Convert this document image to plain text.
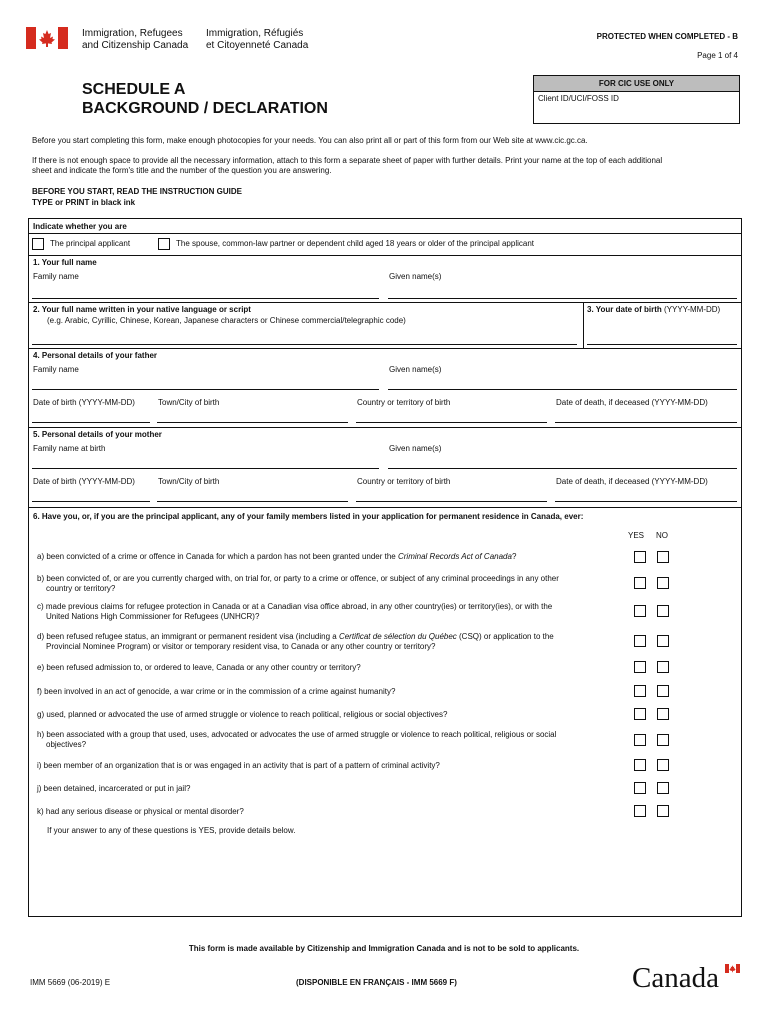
Immigration, Refugees
and Citizenship Canada
Immigration, Réfugiés
et Citoyenneté Canada
PROTECTED WHEN COMPLETED - B
Page 1 of 4
SCHEDULE A
BACKGROUND / DECLARATION
FOR CIC USE ONLY
Client ID/UCI/FOSS ID
Before you start completing this form, make enough photocopies for your needs. You can also print all or part of this form from our Web site at www.cic.gc.ca.
If there is not enough space to provide all the necessary information, attach to this form a separate sheet of paper with further details. Print your name at the top of each additional
sheet and indicate the form's title and the number of the question you are answering.
BEFORE YOU START, READ THE INSTRUCTION GUIDE
TYPE or PRINT in black ink
Indicate whether you are
The principal applicant	The spouse, common-law partner or dependent child aged 18 years or older of the principal applicant
1. Your full name
Family name	Given name(s)
2. Your full name written in your native language or script
(e.g. Arabic, Cyrillic, Chinese, Korean, Japanese characters or Chinese commercial/telegraphic code)
3. Your date of birth (YYYY-MM-DD)
4. Personal details of your father
Family name	Given name(s)
Date of birth (YYYY-MM-DD)	Town/City of birth	Country or territory of birth	Date of death, if deceased (YYYY-MM-DD)
5. Personal details of your mother
Family name at birth	Given name(s)
Date of birth (YYYY-MM-DD)	Town/City of birth	Country or territory of birth	Date of death, if deceased (YYYY-MM-DD)
6. Have you, or, if you are the principal applicant, any of your family members listed in your application for permanent residence in Canada, ever:
YES NO
a) been convicted of a crime or offence in Canada for which a pardon has not been granted under the Criminal Records Act of Canada?
b) been convicted of, or are you currently charged with, on trial for, or party to a crime or offence, or subject of any criminal proceedings in any other
country or territory?
c) made previous claims for refugee protection in Canada or at a Canadian visa office abroad, in any other country(ies) or territory(ies), or with the
United Nations High Commissioner for Refugees (UNHCR)?
d) been refused refugee status, an immigrant or permanent resident visa (including a Certificat de sélection du Québec (CSQ) or application to the
Provincial Nominee Program) or visitor or temporary resident visa, to Canada or any other country or territory?
e) been refused admission to, or ordered to leave, Canada or any other country or territory?
f) been involved in an act of genocide, a war crime or in the commission of a crime against humanity?
g) used, planned or advocated the use of armed struggle or violence to reach political, religious or social objectives?
h) been associated with a group that used, uses, advocated or advocates the use of armed struggle or violence to reach political, religious or social
objectives?
i) been member of an organization that is or was engaged in an activity that is part of a pattern of criminal activity?
j) been detained, incarcerated or put in jail?
k) had any serious disease or physical or mental disorder?
If your answer to any of these questions is YES, provide details below.
This form is made available by Citizenship and Immigration Canada and is not to be sold to applicants.
IMM 5669 (06-2019) E	(DISPONIBLE EN FRANÇAIS - IMM 5669 F)	Canada
